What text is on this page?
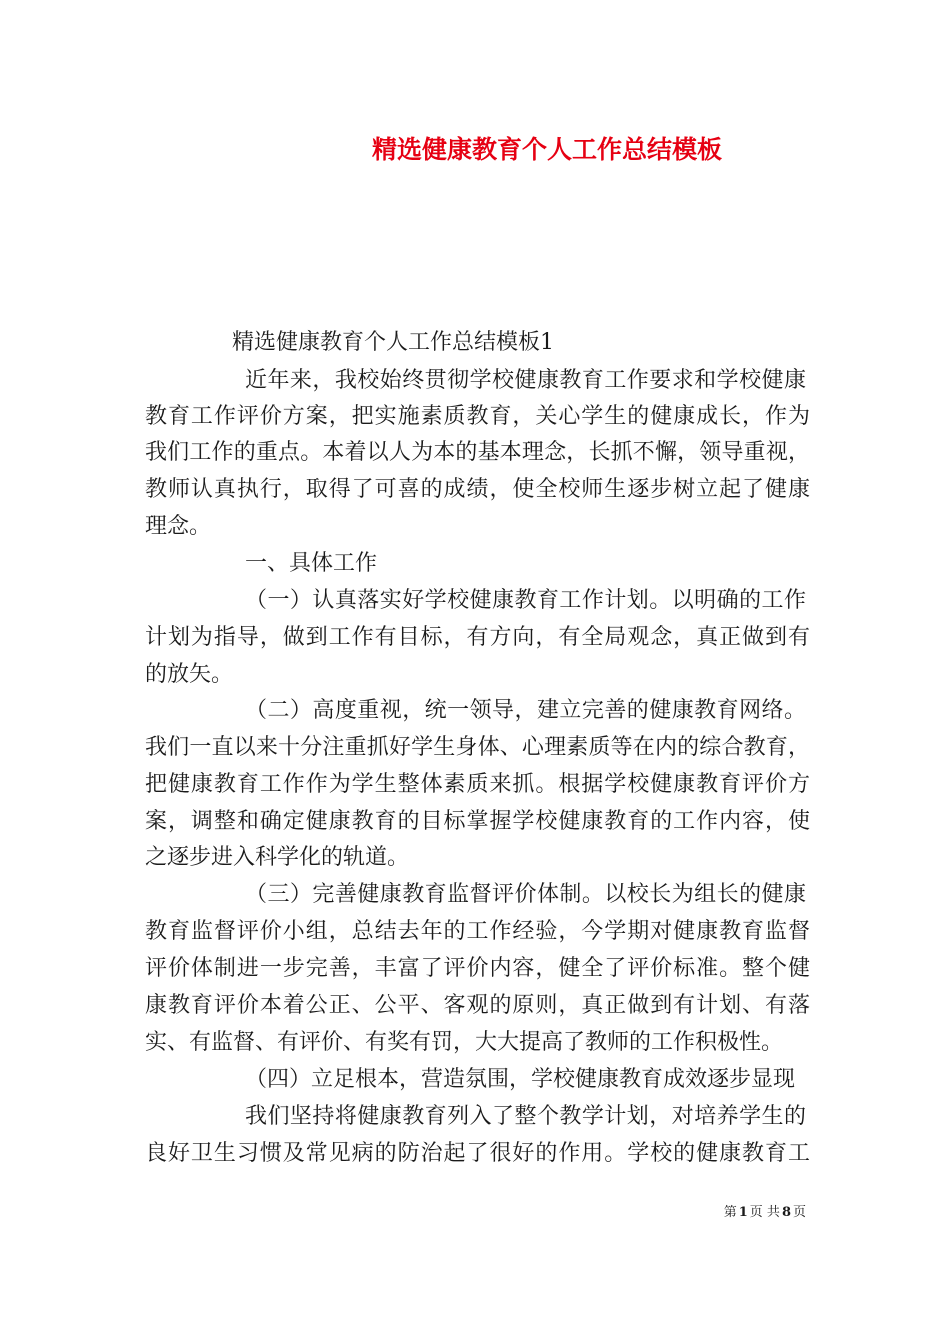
精选健康教育个人工作总结模板
精选健康教育个人工作总结模板1
近年来，我校始终贯彻学校健康教育工作要求和学校健康
教育工作评价方案，把实施素质教育，关心学生的健康成长，作为
我们工作的重点。本着以人为本的基本理念，长抓不懈，领导重视，
教师认真执行，取得了可喜的成绩，使全校师生逐步树立起了健康
理念。
一、具体工作
（一）认真落实好学校健康教育工作计划。以明确的工作
计划为指导，做到工作有目标，有方向，有全局观念，真正做到有
的放矢。
（二）高度重视，统一领导，建立完善的健康教育网络。
我们一直以来十分注重抓好学生身体、心理素质等在内的综合教育，
把健康教育工作作为学生整体素质来抓。根据学校健康教育评价方
案，调整和确定健康教育的目标掌握学校健康教育的工作内容，使
之逐步进入科学化的轨道。
（三）完善健康教育监督评价体制。以校长为组长的健康
教育监督评价小组，总结去年的工作经验，今学期对健康教育监督
评价体制进一步完善，丰富了评价内容，健全了评价标准。整个健
康教育评价本着公正、公平、客观的原则，真正做到有计划、有落
实、有监督、有评价、有奖有罚，大大提高了教师的工作积极性。
（四）立足根本，营造氛围，学校健康教育成效逐步显现
我们坚持将健康教育列入了整个教学计划，对培养学生的
良好卫生习惯及常见病的防治起了很好的作用。学校的健康教育工
第 1 页 共 8 页
